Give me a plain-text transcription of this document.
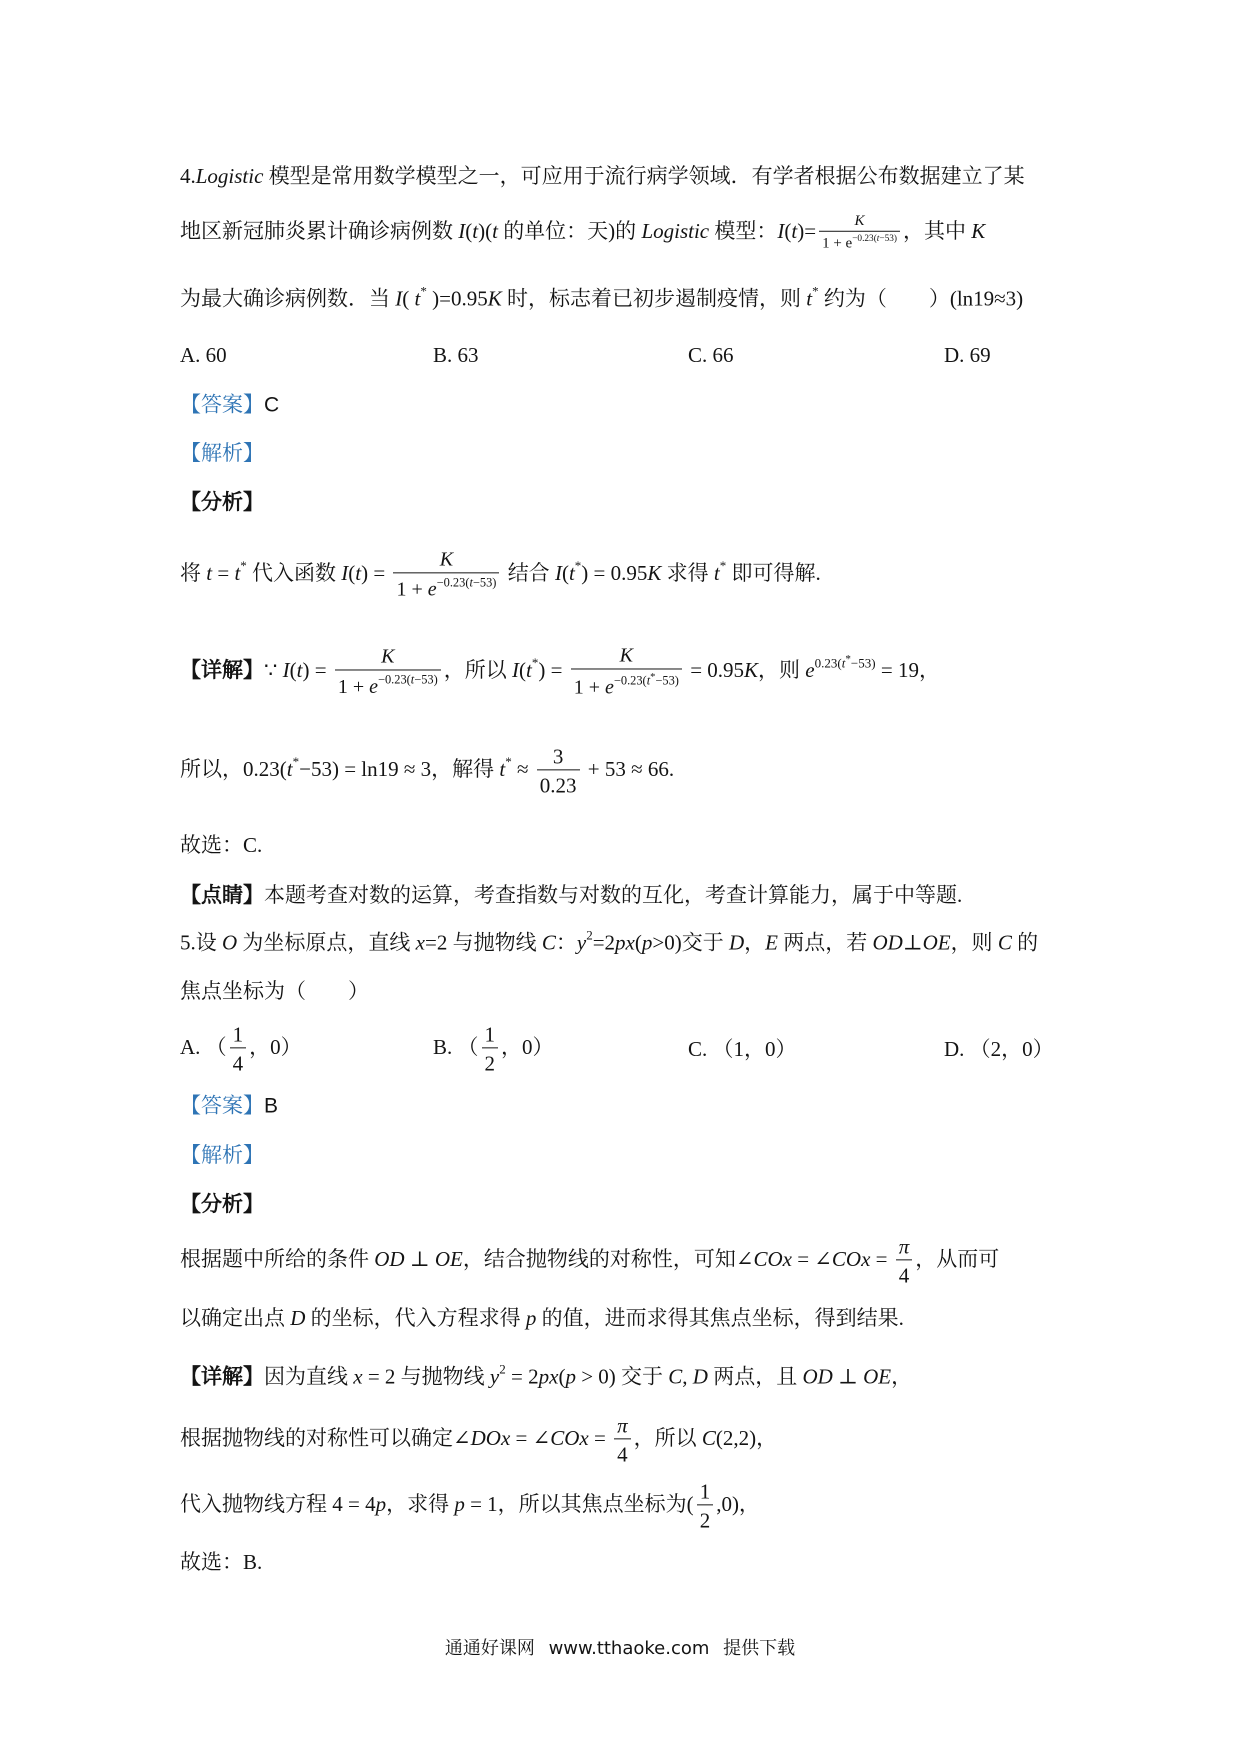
4.Logistic 模型是常用数学模型之一，可应用于流行病学领域．有学者根据公布数据建立了某
地区新冠肺炎累计确诊病例数 I(t)(t 的单位：天)的 Logistic 模型：$I(t)= \frac{K}{1 + e^{-0.23(t-53)}}$ ，其中 K
为最大确诊病例数．当 I( t* )=0.95K 时，标志着已初步遏制疫情，则 t* 约为（　　）(ln19≈3)
A. 60	B. 63	C. 66	D. 69
【答案】C
【解析】
【分析】
将 t = t* 代入函数 $I(t) = \frac{K}{1 + e^{-0.23(t-53)}}$ 结合 I(t*) = 0.95K 求得 t* 即可得解.
【详解】∵ $I(t) = \frac{K}{1 + e^{-0.23(t-53)}}$ ，所以 $I(t^*) = \frac{K}{1 + e^{-0.23(t^*-53)}} = 0.95K$，则 $e^{0.23(t^*-53)} = 19$，
所以，0.23(t*−53) = ln19 ≈ 3，解得 $t^* \approx \frac{3}{0.23} + 53 \approx 66$.
故选：C.
【点睛】本题考查对数的运算，考查指数与对数的互化，考查计算能力，属于中等题.
5.设 O 为坐标原点，直线 x=2 与抛物线 C：$y^2=2px(p>0)$交于 D，E 两点，若 OD⊥OE，则 C 的
焦点坐标为（　　）
A. （ $\frac{1}{4}$ ，0）	B. （ $\frac{1}{2}$ ，0）	C. （1，0）	D. （2，0）
【答案】B
【解析】
【分析】
根据题中所给的条件 OD ⊥ OE，结合抛物线的对称性，可知∠COx = ∠COx = $\frac{\pi}{4}$ ，从而可
以确定出点 D 的坐标，代入方程求得 p 的值，进而求得其焦点坐标，得到结果.
【详解】因为直线 x = 2 与抛物线 $y^2 = 2px(p > 0)$ 交于 C, D 两点，且 OD ⊥ OE，
根据抛物线的对称性可以确定∠DOx = ∠COx = $\frac{\pi}{4}$ ，所以 C(2,2)，
代入抛物线方程 4 = 4p，求得 p = 1，所以其焦点坐标为( $\frac{1}{2} ,0$)，
故选：B.
通通好课网 www.tthaoke.com 提供下载
